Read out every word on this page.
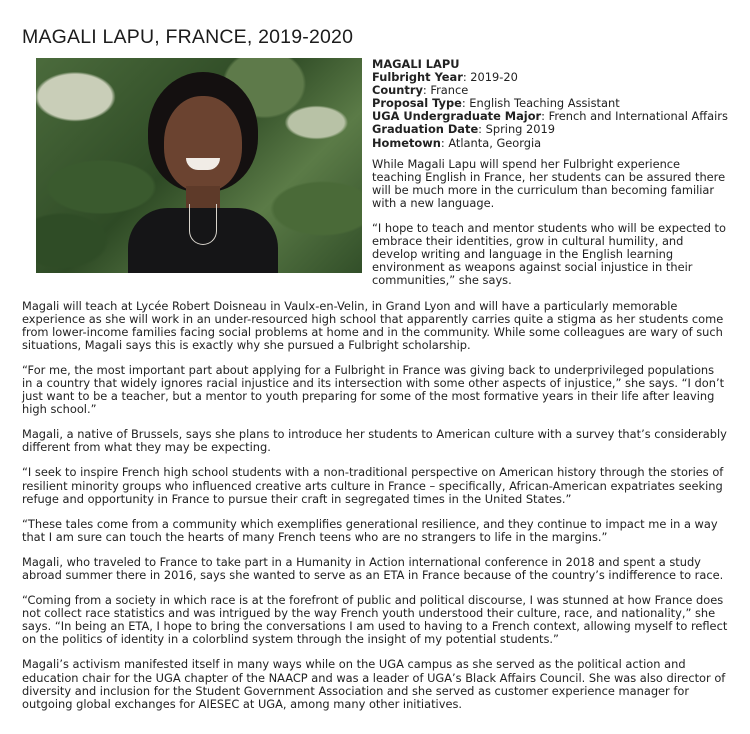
MAGALI LAPU, FRANCE, 2019-2020
MAGALI LAPU
Fulbright Year: 2019-20
Country: France
Proposal Type: English Teaching Assistant
UGA Undergraduate Major: French and International Affairs
Graduation Date: Spring 2019
Hometown: Atlanta, Georgia

While Magali Lapu will spend her Fulbright experience teaching English in France, her students can be assured there will be much more in the curriculum than becoming familiar with a new language.

“I hope to teach and mentor students who will be expected to embrace their identities, grow in cultural humility, and develop writing and language in the English learning environment as weapons against social injustice in their communities,” she says.

Magali will teach at Lycée Robert Doisneau in Vaulx-en-Velin, in Grand Lyon and will have a particularly memorable experience as she will work in an under-resourced high school that apparently carries quite a stigma as her students come from lower-income families facing social problems at home and in the community. While some colleagues are wary of such situations, Magali says this is exactly why she pursued a Fulbright scholarship.

“For me, the most important part about applying for a Fulbright in France was giving back to underprivileged populations in a country that widely ignores racial injustice and its intersection with some other aspects of injustice,” she says. “I don’t just want to be a teacher, but a mentor to youth preparing for some of the most formative years in their life after leaving high school.”

Magali, a native of Brussels, says she plans to introduce her students to American culture with a survey that’s considerably different from what they may be expecting.

“I seek to inspire French high school students with a non-traditional perspective on American history through the stories of resilient minority groups who influenced creative arts culture in France – specifically, African-American expatriates seeking refuge and opportunity in France to pursue their craft in segregated times in the United States.”

“These tales come from a community which exemplifies generational resilience, and they continue to impact me in a way that I am sure can touch the hearts of many French teens who are no strangers to life in the margins.”

Magali, who traveled to France to take part in a Humanity in Action international conference in 2018 and spent a study abroad summer there in 2016, says she wanted to serve as an ETA in France because of the country’s indifference to race.

“Coming from a society in which race is at the forefront of public and political discourse, I was stunned at how France does not collect race statistics and was intrigued by the way French youth understood their culture, race, and nationality,” she says. “In being an ETA, I hope to bring the conversations I am used to having to a French context, allowing myself to reflect on the politics of identity in a colorblind system through the insight of my potential students.”

Magali’s activism manifested itself in many ways while on the UGA campus as she served as the political action and education chair for the UGA chapter of the NAACP and was a leader of UGA’s Black Affairs Council. She was also director of diversity and inclusion for the Student Government Association and she served as customer experience manager for outgoing global exchanges for AIESEC at UGA, among many other initiatives.
